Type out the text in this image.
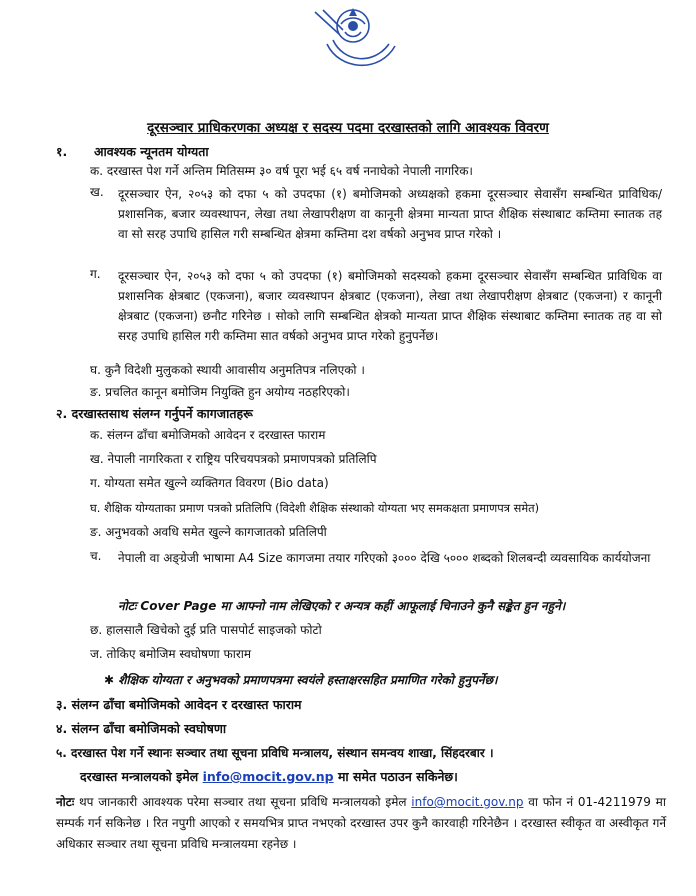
दूरसञ्चार प्राधिकरणका अध्यक्ष र सदस्य पदमा दरखास्तको लागि आवश्यक विवरण
१. आवश्यक न्यूनतम योग्यता
क. दरखास्त पेश गर्ने अन्तिम मितिसम्म ३० वर्ष पूरा भई ६५ वर्ष ननाघेको नेपाली नागरिक।
ख. दूरसञ्चार ऐन, २०५३ को दफा ५ को उपदफा (१) बमोजिमको अध्यक्षको हकमा दूरसञ्चार सेवासँग सम्बन्धित प्राविधिक/प्रशासनिक, बजार व्यवस्थापन, लेखा तथा लेखापरीक्षण वा कानूनी क्षेत्रमा मान्यता प्राप्त शैक्षिक संस्थाबाट कम्तिमा स्नातक तह वा सो सरह उपाधि हासिल गरी सम्बन्धित क्षेत्रमा कम्तिमा दश वर्षको अनुभव प्राप्त गरेको ।
ग. दूरसञ्चार ऐन, २०५३ को दफा ५ को उपदफा (१) बमोजिमको सदस्यको हकमा दूरसञ्चार सेवासँग सम्बन्धित प्राविधिक वा प्रशासनिक क्षेत्रबाट (एकजना), बजार व्यवस्थापन क्षेत्रबाट (एकजना), लेखा तथा लेखापरीक्षण क्षेत्रबाट (एकजना) र कानूनी क्षेत्रबाट (एकजना) छनौट गरिनेछ । सोको लागि सम्बन्धित क्षेत्रको मान्यता प्राप्त शैक्षिक संस्थाबाट कम्तिमा स्नातक तह वा सो सरह उपाधि हासिल गरी कम्तिमा सात वर्षको अनुभव प्राप्त गरेको हुनुपर्नेछ।
घ. कुनै विदेशी मुलुकको स्थायी आवासीय अनुमतिपत्र नलिएको ।
ङ. प्रचलित कानून बमोजिम नियुक्ति हुन अयोग्य नठहरिएको।
२. दरखास्तसाथ संलग्न गर्नुपर्ने कागजातहरू
क. संलग्न ढाँचा बमोजिमको आवेदन र दरखास्त फाराम
ख. नेपाली नागरिकता र राष्ट्रिय परिचयपत्रको प्रमाणपत्रको प्रतिलिपि
ग. योग्यता समेत खुल्ने व्यक्तिगत विवरण (Bio data)
घ. शैक्षिक योग्यताका प्रमाण पत्रको प्रतिलिपि (विदेशी शैक्षिक संस्थाको योग्यता भए समकक्षता प्रमाणपत्र समेत)
ङ. अनुभवको अवधि समेत खुल्ने कागजातको प्रतिलिपी
च. नेपाली वा अङ्ग्रेजी भाषामा A4 Size कागजमा तयार गरिएको ३००० देखि ५००० शब्दको शिलबन्दी व्यवसायिक कार्ययोजना
नोटः Cover Page मा आफ्नो नाम लेखिएको र अन्यत्र कहीं आफूलाई चिनाउने कुनै सङ्केत हुन नहुने।
छ. हालसालै खिचेको दुई प्रति पासपोर्ट साइजको फोटो
ज. तोकिए बमोजिम स्वघोषणा फाराम
✱ शैक्षिक योग्यता र अनुभवको प्रमाणपत्रमा स्वयंले हस्ताक्षरसहित प्रमाणित गरेको हुनुपर्नेछ।
३. संलग्न ढाँचा बमोजिमको आवेदन र दरखास्त फाराम
४. संलग्न ढाँचा बमोजिमको स्वघोषणा
५. दरखास्त पेश गर्ने स्थानः सञ्चार तथा सूचना प्रविधि मन्त्रालय, संस्थान समन्वय शाखा, सिंहदरबार ।
दरखास्त मन्त्रालयको इमेल info@mocit.gov.np मा समेत पठाउन सकिनेछ।
नोटः थप जानकारी आवश्यक परेमा सञ्चार तथा सूचना प्रविधि मन्त्रालयको इमेल info@mocit.gov.np वा फोन नं 01-4211979 मा सम्पर्क गर्न सकिनेछ । रित नपुगी आएको र समयभित्र प्राप्त नभएको दरखास्त उपर कुनै कारवाही गरिनेछैन । दरखास्त स्वीकृत वा अस्वीकृत गर्ने अधिकार सञ्चार तथा सूचना प्रविधि मन्त्रालयमा रहनेछ ।
